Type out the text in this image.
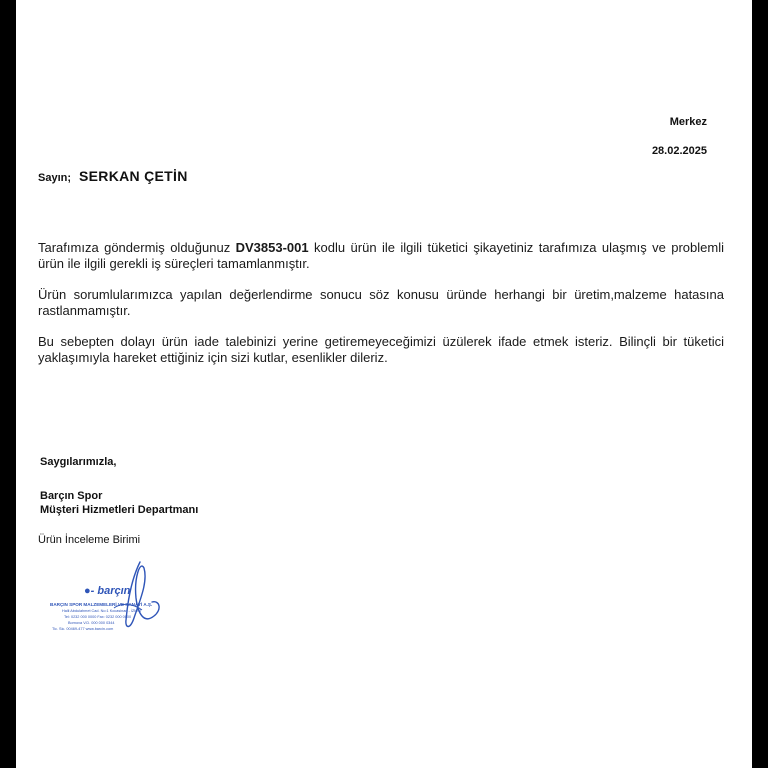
Merkez
28.02.2025
Sayın; SERKAN ÇETİN
Tarafımıza göndermiş olduğunuz DV3853-001 kodlu ürün ile ilgili tüketici şikayetiniz tarafımıza ulaşmış ve problemli ürün ile ilgili gerekli iş süreçleri tamamlanmıştır.
Ürün sorumlularımızca yapılan değerlendirme sonucu söz konusu üründe herhangi bir üretim,malzeme hatasına rastlanmamıştır.
Bu sebepten dolayı ürün iade talebinizi yerine getiremeyeceğimizi üzülerek ifade etmek isteriz. Bilinçli bir tüketici yaklaşımıyla hareket ettiğiniz için sizi kutlar, esenlikler dileriz.
Saygılarımızla,
Barçın Spor
Müşteri Hizmetleri Departmanı
Ürün İnceleme Birimi
●- barçın
BARÇIN SPOR MALZEMELERİ VE SANAYİ A.Ş.
Halil Abdulahmet Cad. No:1 Kocasinan - İZMİR
Tel: 0232 000 0000 Fax: 0232 000 0000
Bornova V.D. 000 000 0344
Tic. Sic. 00469-477 www.barcin.com
